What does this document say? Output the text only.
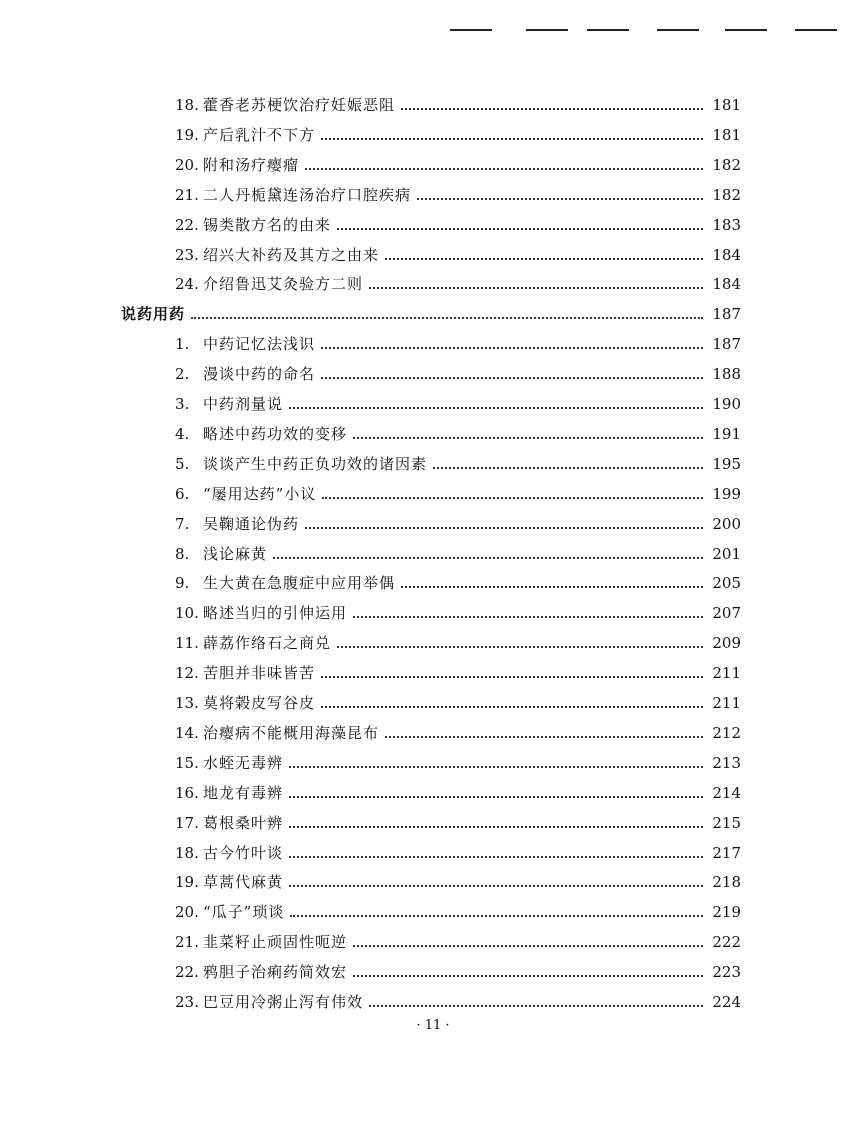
18. 藿香老苏梗饮治疗妊娠恶阻	181
19. 产后乳汁不下方	181
20. 附和汤疗瘿瘤	182
21. 二人丹栀黛连汤治疗口腔疾病	182
22. 锡类散方名的由来	183
23. 绍兴大补药及其方之由来	184
24. 介绍鲁迅艾灸验方二则	184
说药用药	187
1. 中药记忆法浅识	187
2. 漫谈中药的命名	188
3. 中药剂量说	190
4. 略述中药功效的变移	191
5. 谈谈产生中药正负功效的诸因素	195
6. “屡用达药”小议	199
7. 吴鞠通论伪药	200
8. 浅论麻黄	201
9. 生大黄在急腹症中应用举偶	205
10. 略述当归的引伸运用	207
11. 薜荔作络石之商兑	209
12. 苦胆并非味皆苦	211
13. 莫将榖皮写谷皮	211
14. 治瘿病不能概用海藻昆布	212
15. 水蛭无毒辨	213
16. 地龙有毒辨	214
17. 葛根桑叶辨	215
18. 古今竹叶谈	217
19. 草蒿代麻黄	218
20. “瓜子”琐谈	219
21. 韭菜籽止顽固性呃逆	222
22. 鸦胆子治痢药简效宏	223
23. 巴豆用冷粥止泻有伟效	224
· 11 ·
